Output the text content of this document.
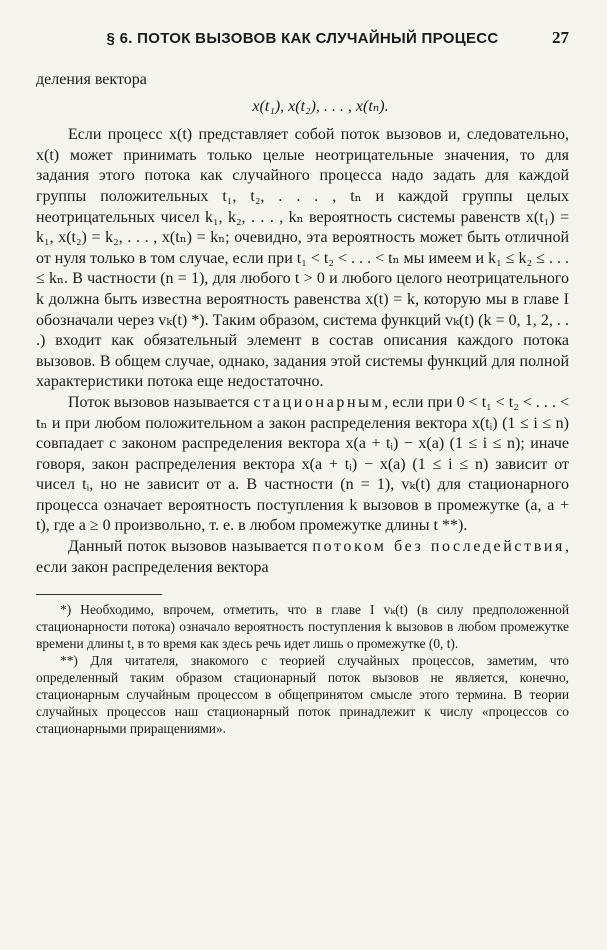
§ 6. ПОТОК ВЫЗОВОВ КАК СЛУЧАЙНЫЙ ПРОЦЕСС	27

деления вектора

x(t₁), x(t₂), . . . , x(tₙ).

Если процесс x(t) представляет собой поток вызовов и, следовательно, x(t) может принимать только целые неотрицательные значения, то для задания этого потока как случайного процесса надо задать для каждой группы положительных t₁, t₂, . . . , tₙ и каждой группы целых неотрицательных чисел k₁, k₂, . . . , kₙ вероятность системы равенств x(t₁) = k₁, x(t₂) = k₂, . . . , x(tₙ) = kₙ; очевидно, эта вероятность может быть отличной от нуля только в том случае, если при t₁ < t₂ < . . . < tₙ мы имеем и k₁ ≤ k₂ ≤ . . . ≤ kₙ. В частности (n = 1), для любого t > 0 и любого целого неотрицательного k должна быть известна вероятность равенства x(t) = k, которую мы в главе I обозначали через vₖ(t) *). Таким образом, система функций vₖ(t) (k = 0, 1, 2, . . .) входит как обязательный элемент в состав описания каждого потока вызовов. В общем случае, однако, задания этой системы функций для полной характеристики потока еще недостаточно.

Поток вызовов называется стационарным, если при 0 < t₁ < t₂ < . . . < tₙ и при любом положительном a закон распределения вектора x(tᵢ) (1 ≤ i ≤ n) совпадает с законом распределения вектора x(a + tᵢ) − x(a) (1 ≤ i ≤ n); иначе говоря, закон распределения вектора x(a + tᵢ) − x(a) (1 ≤ i ≤ n) зависит от чисел tᵢ, но не зависит от a. В частности (n = 1), vₖ(t) для стационарного процесса означает вероятность поступления k вызовов в промежутке (a, a + t), где a ≥ 0 произвольно, т. е. в любом промежутке длины t **).

Данный поток вызовов называется потоком без последействия, если закон распределения вектора

*) Необходимо, впрочем, отметить, что в главе I vₖ(t) (в силу предположенной стационарности потока) означало вероятность поступления k вызовов в любом промежутке времени длины t, в то время как здесь речь идет лишь о промежутке (0, t).

**) Для читателя, знакомого с теорией случайных процессов, заметим, что определенный таким образом стационарный поток вызовов не является, конечно, стационарным случайным процессом в общепринятом смысле этого термина. В теории случайных процессов наш стационарный поток принадлежит к числу «процессов со стационарными приращениями».
